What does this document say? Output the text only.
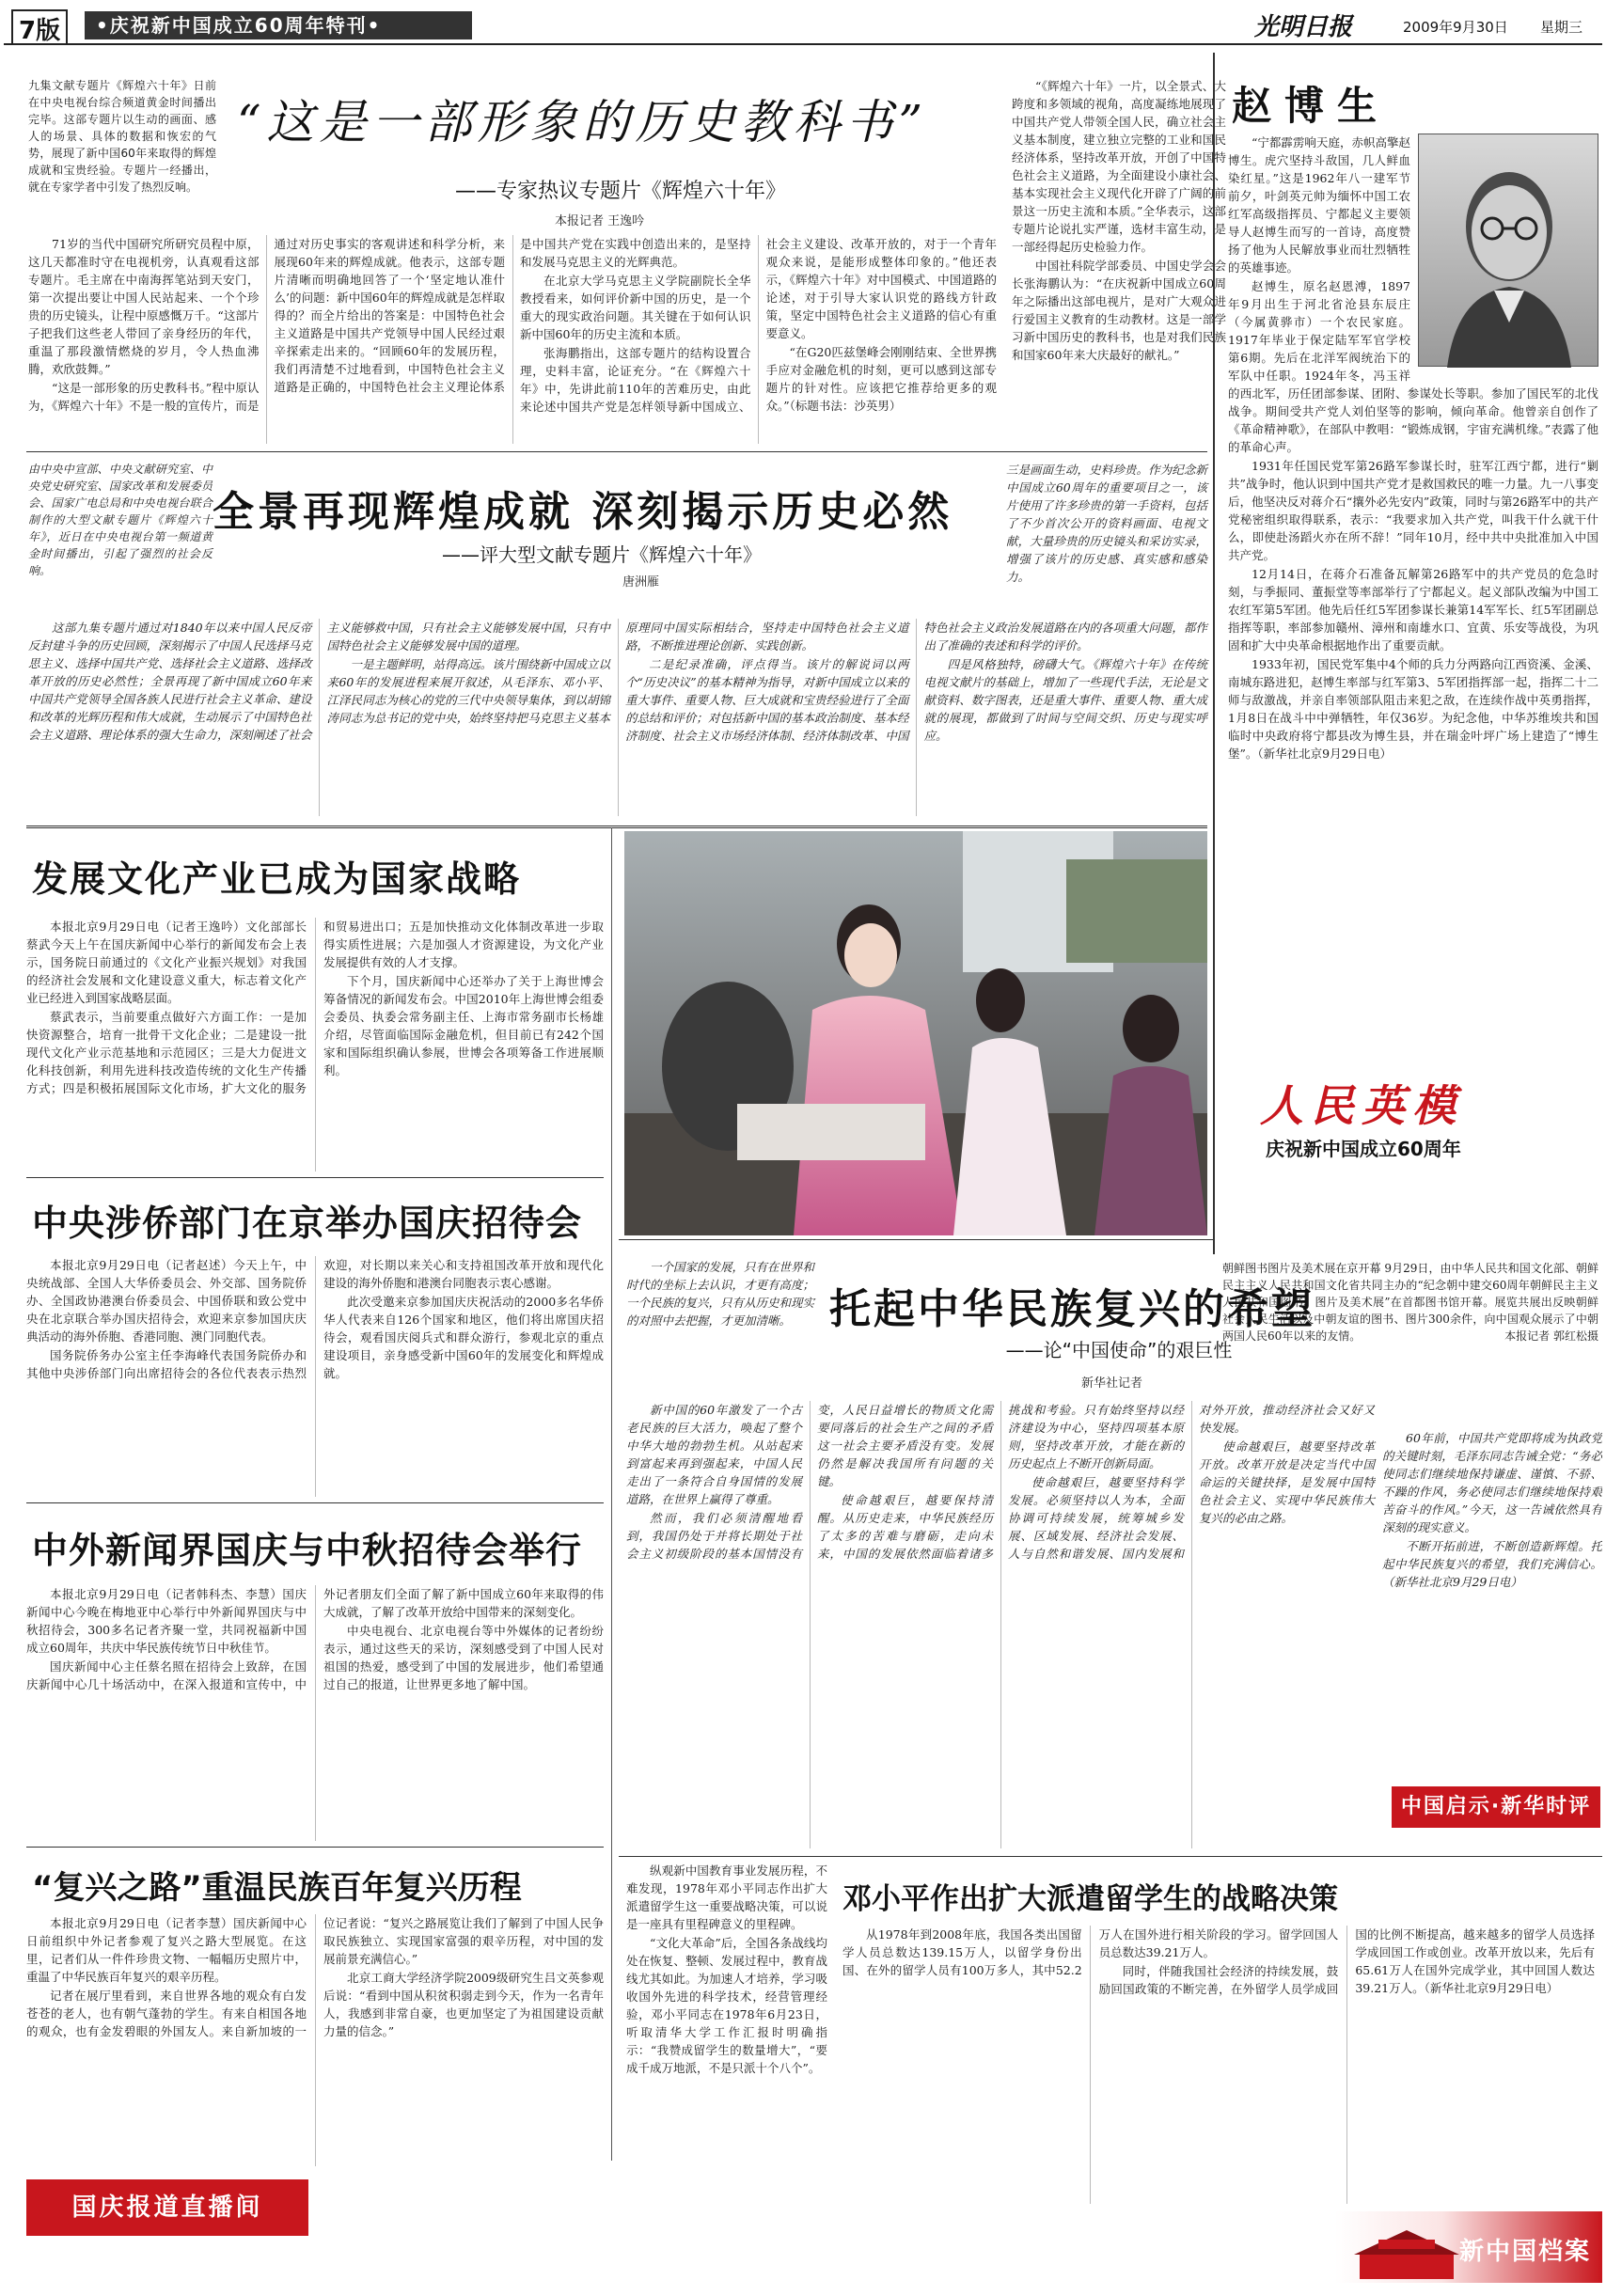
7版	•庆祝新中国成立60周年特刊•	光明日报	2009年9月30日 星期三
九集文献专题片《辉煌六十年》日前在中央电视台综合频道黄金时间播出完毕。这部专题片以生动的画面、感人的场景、具体的数据和恢宏的气势，展现了新中国60年来取得的辉煌成就和宝贵经验。专题片一经播出，就在专家学者中引发了热烈反响。
“这是一部形象的历史教科书”
——专家热议专题片《辉煌六十年》
本报记者 王逸吟

“《辉煌六十年》一片，以全景式、大跨度和多领域的视角，高度凝练地展现了中国共产党人带领全国人民，确立社会主义基本制度，建立独立完整的工业和国民经济体系，坚持改革开放，开创了中国特色社会主义道路，为全面建设小康社会、基本实现社会主义现代化开辟了广阔的前景这一历史主流和本质。”全华表示，这部专题片论说扎实严谨，选材丰富生动，是一部经得起历史检验力作。

中国社科院学部委员、中国史学会会长张海鹏认为：“在庆祝新中国成立60周年之际播出这部电视片，是对广大观众进行爱国主义教育的生动教材。这是一部学习新中国历史的教科书，也是对我们民族和国家60年来大庆最好的献礼。”

71岁的当代中国研究所研究员程中原，这几天都准时守在电视机旁，认真观看这部专题片。毛主席在中南海挥笔站到天安门，第一次提出要让中国人民站起来、一个个珍贵的历史镜头，让程中原感慨万千。“这部片子把我们这些老人带回了亲身经历的年代，重温了那段激情燃烧的岁月，令人热血沸腾，欢欣鼓舞。”

“这是一部形象的历史教科书。”程中原认为，《辉煌六十年》不是一般的宣传片，而是通过对历史事实的客观讲述和科学分析，来展现60年来的辉煌成就。他表示，这部专题片清晰而明确地回答了一个‘坚定地认准什么’的问题：新中国60年的辉煌成就是怎样取得的？而全片给出的答案是：中国特色社会主义道路是中国共产党领导中国人民经过艰辛探索走出来的。“回顾60年的发展历程，我们再清楚不过地看到，中国特色社会主义道路是正确的，中国特色社会主义理论体系是中国共产党在实践中创造出来的，是坚持和发展马克思主义的光辉典范。

在北京大学马克思主义学院副院长全华教授看来，如何评价新中国的历史，是一个重大的现实政治问题。其关键在于如何认识新中国60年的历史主流和本质。

张海鹏指出，这部专题片的结构设置合理，史料丰富，论证充分。“在《辉煌六十年》中，先讲此前110年的苦难历史，由此来论述中国共产党是怎样领导新中国成立、社会主义建设、改革开放的，对于一个青年观众来说，是能形成整体印象的。”他还表示，《辉煌六十年》对中国模式、中国道路的论述，对于引导大家认识党的路线方针政策，坚定中国特色社会主义道路的信心有重要意义。

“在G20匹兹堡峰会刚刚结束、全世界携手应对金融危机的时刻，更可以感到这部专题片的针对性。应该把它推荐给更多的观众。”（标题书法：沙英男）

由中央中宣部、中央文献研究室、中央党史研究室、国家改革和发展委员会、国家广电总局和中央电视台联合制作的大型文献专题片《辉煌六十年》，近日在中央电视台第一频道黄金时间播出，引起了强烈的社会反响。
全景再现辉煌成就 深刻揭示历史必然
——评大型文献专题片《辉煌六十年》
唐洲雁
三是画面生动，史料珍贵。作为纪念新中国成立60周年的重要项目之一，该片使用了许多珍贵的第一手资料，包括了不少首次公开的资料画面、电视文献，大量珍贵的历史镜头和采访实录，增强了该片的历史感、真实感和感染力。

这部九集专题片通过对1840年以来中国人民反帝反封建斗争的历史回顾，深刻揭示了中国人民选择马克思主义、选择中国共产党、选择社会主义道路、选择改革开放的历史必然性；全景再现了新中国成立60年来中国共产党领导全国各族人民进行社会主义革命、建设和改革的光辉历程和伟大成就，生动展示了中国特色社会主义道路、理论体系的强大生命力，深刻阐述了社会主义能够救中国，只有社会主义能够发展中国，只有中国特色社会主义能够发展中国的道理。

一是主题鲜明，站得高远。该片围绕新中国成立以来60年的发展进程来展开叙述，从毛泽东、邓小平、江泽民同志为核心的党的三代中央领导集体，到以胡锦涛同志为总书记的党中央，始终坚持把马克思主义基本原理同中国实际相结合，坚持走中国特色社会主义道路，不断推进理论创新、实践创新。

二是纪录准确，评点得当。该片的解说词以两个“历史决议”的基本精神为指导，对新中国成立以来的重大事件、重要人物、巨大成就和宝贵经验进行了全面的总结和评价；对包括新中国的基本政治制度、基本经济制度、社会主义市场经济体制、经济体制改革、中国特色社会主义政治发展道路在内的各项重大问题，都作出了准确的表述和科学的评价。

四是风格独特，磅礴大气。《辉煌六十年》在传统电视文献片的基础上，增加了一些现代手法，无论是文献资料、数字图表，还是重大事件、重要人物、重大成就的展现，都做到了时间与空间交织、历史与现实呼应。

赵博生

“宁都霹雳响天庭，赤帜高擎赵博生。虎穴坚持斗敌国，几人鲜血染红星。”这是1962年八一建军节前夕，叶剑英元帅为缅怀中国工农红军高级指挥员、宁都起义主要领导人赵博生而写的一首诗，高度赞扬了他为人民解放事业而壮烈牺牲的英雄事迹。

赵博生，原名赵恩溥，1897年9月出生于河北省沧县东辰庄（今属黄骅市）一个农民家庭。1917年毕业于保定陆军军官学校第6期。先后在北洋军阀统治下的军队中任职。1924年冬，冯玉祥的西北军，历任团部参谋、团附、参谋处长等职。参加了国民军的北伐战争。期间受共产党人刘伯坚等的影响，倾向革命。他曾亲自创作了《革命精神歌》，在部队中教唱：“锻炼成钢，宇宙充满机缘。”表露了他的革命心声。

1931年任国民党军第26路军参谋长时，驻军江西宁都，进行“剿共”战争时，他认识到中国共产党才是救国救民的唯一力量。九一八事变后，他坚决反对蒋介石“攘外必先安内”政策，同时与第26路军中的共产党秘密组织取得联系，表示：“我要求加入共产党，叫我干什么就干什么，即使赴汤蹈火亦在所不辞！”同年10月，经中共中央批准加入中国共产党。

12月14日，在蒋介石准备瓦解第26路军中的共产党员的危急时刻，与季振同、董振堂等率部举行了宁都起义。起义部队改编为中国工农红军第5军团。他先后任红5军团参谋长兼第14军军长、红5军团副总指挥等职，率部参加赣州、漳州和南雄水口、宜黄、乐安等战役，为巩固和扩大中央革命根据地作出了重要贡献。

1933年初，国民党军集中4个师的兵力分两路向江西资溪、金溪、南城东路进犯，赵博生率部与红军第3、5军团指挥部一起，指挥二十二师与敌激战，并亲自率领部队阻击来犯之敌，在连续作战中英勇指挥，1月8日在战斗中中弹牺牲，年仅36岁。为纪念他，中华苏维埃共和国临时中央政府将宁都县改为博生县，并在瑞金叶坪广场上建造了“博生堡”。（新华社北京9月29日电）

人民英模
庆祝新中国成立60周年
发展文化产业已成为国家战略

本报北京9月29日电（记者王逸吟）文化部部长蔡武今天上午在国庆新闻中心举行的新闻发布会上表示，国务院日前通过的《文化产业振兴规划》对我国的经济社会发展和文化建设意义重大，标志着文化产业已经进入到国家战略层面。

蔡武表示，当前要重点做好六方面工作：一是加快资源整合，培育一批骨干文化企业；二是建设一批现代文化产业示范基地和示范园区；三是大力促进文化科技创新，利用先进科技改造传统的文化生产传播方式；四是积极拓展国际文化市场，扩大文化的服务和贸易进出口；五是加快推动文化体制改革进一步取得实质性进展；六是加强人才资源建设，为文化产业发展提供有效的人才支撑。

下个月，国庆新闻中心还举办了关于上海世博会筹备情况的新闻发布会。中国2010年上海世博会组委会委员、执委会常务副主任、上海市常务副市长杨雄介绍，尽管面临国际金融危机，但目前已有242个国家和国际组织确认参展，世博会各项筹备工作进展顺利。

中央涉侨部门在京举办国庆招待会

本报北京9月29日电（记者赵述）今天上午，中央统战部、全国人大华侨委员会、外交部、国务院侨办、全国政协港澳台侨委员会、中国侨联和致公党中央在北京联合举办国庆招待会，欢迎来京参加国庆庆典活动的海外侨胞、香港同胞、澳门同胞代表。

国务院侨务办公室主任李海峰代表国务院侨办和其他中央涉侨部门向出席招待会的各位代表表示热烈欢迎，对长期以来关心和支持祖国改革开放和现代化建设的海外侨胞和港澳台同胞表示衷心感谢。

此次受邀来京参加国庆庆祝活动的2000多名华侨华人代表来自126个国家和地区，他们将出席国庆招待会，观看国庆阅兵式和群众游行，参观北京的重点建设项目，亲身感受新中国60年的发展变化和辉煌成就。

中外新闻界国庆与中秋招待会举行

本报北京9月29日电（记者韩科杰、李慧）国庆新闻中心今晚在梅地亚中心举行中外新闻界国庆与中秋招待会，300多名记者齐聚一堂，共同祝福新中国成立60周年，共庆中华民族传统节日中秋佳节。

国庆新闻中心主任蔡名照在招待会上致辞，在国庆新闻中心几十场活动中，在深入报道和宣传中，中外记者朋友们全面了解了新中国成立60年来取得的伟大成就，了解了改革开放给中国带来的深刻变化。

中央电视台、北京电视台等中外媒体的记者纷纷表示，通过这些天的采访，深刻感受到了中国人民对祖国的热爱，感受到了中国的发展进步，他们希望通过自己的报道，让世界更多地了解中国。

“复兴之路”重温民族百年复兴历程

本报北京9月29日电（记者李慧）国庆新闻中心日前组织中外记者参观了复兴之路大型展览。在这里，记者们从一件件珍贵文物、一幅幅历史照片中，重温了中华民族百年复兴的艰辛历程。

记者在展厅里看到，来自世界各地的观众有白发苍苍的老人，也有朝气蓬勃的学生。有来自相国各地的观众，也有金发碧眼的外国友人。来自新加坡的一位记者说：“复兴之路展览让我们了解到了中国人民争取民族独立、实现国家富强的艰辛历程，对中国的发展前景充满信心。”

北京工商大学经济学院2009级研究生吕文英参观后说：“看到中国从积贫积弱走到今天，作为一名青年人，我感到非常自豪，也更加坚定了为祖国建设贡献力量的信念。”

国庆报道直播间
朝鲜图书图片及美术展在京开幕 9月29日，由中华人民共和国文化部、朝鲜民主主义人民共和国文化省共同主办的“纪念朝中建交60周年朝鲜民主主义人民共和国图书、图片及美术展”在首都图书馆开幕。展览共展出反映朝鲜社会人民生活以及中朝友谊的图书、图片300余件，向中国观众展示了中朝两国人民60年以来的友情。	本报记者 郭红松摄

一个国家的发展，只有在世界和时代的坐标上去认识，才更有高度；一个民族的复兴，只有从历史和现实的对照中去把握，才更加清晰。 托起中华民族复兴的希望
——论“中国使命”的艰巨性
新华社记者

60年前，中国共产党即将成为执政党的关键时刻，毛泽东同志告诫全党：“务必使同志们继续地保持谦虚、谨慎、不骄、不躁的作风，务必使同志们继续地保持艰苦奋斗的作风。”今天，这一告诫依然具有深刻的现实意义。

不断开拓前进，不断创造新辉煌。托起中华民族复兴的希望，我们充满信心。（新华社北京9月29日电）

新中国的60年激发了一个古老民族的巨大活力，唤起了整个中华大地的勃勃生机。从站起来到富起来再到强起来，中国人民走出了一条符合自身国情的发展道路，在世界上赢得了尊重。

然而，我们必须清醒地看到，我国仍处于并将长期处于社会主义初级阶段的基本国情没有变，人民日益增长的物质文化需要同落后的社会生产之间的矛盾这一社会主要矛盾没有变。发展仍然是解决我国所有问题的关键。

使命越艰巨，越要保持清醒。从历史走来，中华民族经历了太多的苦难与磨砺，走向未来，中国的发展依然面临着诸多挑战和考验。只有始终坚持以经济建设为中心，坚持四项基本原则，坚持改革开放，才能在新的历史起点上不断开创新局面。

使命越艰巨，越要坚持科学发展。必须坚持以人为本，全面协调可持续发展，统筹城乡发展、区域发展、经济社会发展、人与自然和谐发展、国内发展和对外开放，推动经济社会又好又快发展。

使命越艰巨，越要坚持改革开放。改革开放是决定当代中国命运的关键抉择，是发展中国特色社会主义、实现中华民族伟大复兴的必由之路。

中国启示·新华时评

纵观新中国教育事业发展历程，不难发现，1978年邓小平同志作出扩大派遣留学生这一重要战略决策，可以说是一座具有里程碑意义的里程碑。

“文化大革命”后，全国各条战线均处在恢复、整顿、发展过程中，教育战线尤其如此。为加速人才培养，学习吸收国外先进的科学技术，经营管理经验，邓小平同志在1978年6月23日，听取清华大学工作汇报时明确指示：“我赞成留学生的数量增大”，“要成千成万地派，不是只派十个八个”。

邓小平作出扩大派遣留学生的战略决策

从1978年到2008年底，我国各类出国留学人员总数达139.15万人，以留学身份出国、在外的留学人员有100万多人，其中52.2万人在国外进行相关阶段的学习。留学回国人员总数达39.21万人。

同时，伴随我国社会经济的持续发展，鼓励回国政策的不断完善，在外留学人员学成回国的比例不断提高，越来越多的留学人员选择学成回国工作或创业。改革开放以来，先后有65.61万人在国外完成学业，其中回国人数达39.21万人。（新华社北京9月29日电）

新中国档案
